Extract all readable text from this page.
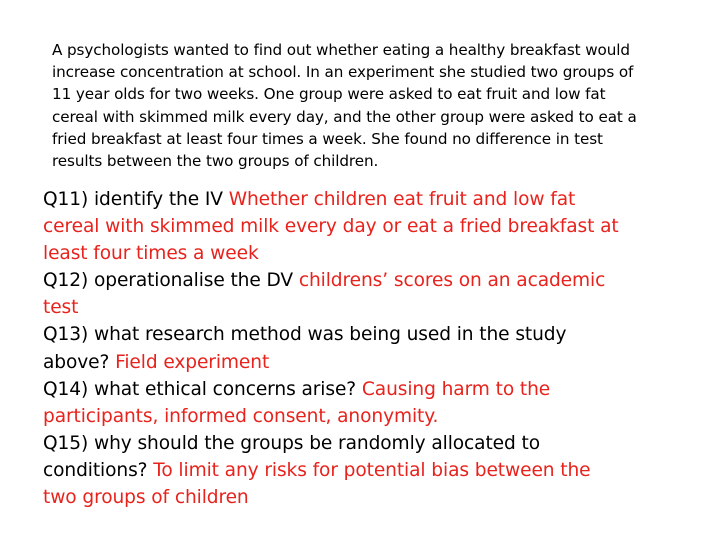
A psychologists wanted to find out whether eating a healthy breakfast would
increase concentration at school. In an experiment she studied two groups of
11 year olds for two weeks. One group were asked to eat fruit and low fat
cereal with skimmed milk every day, and the other group were asked to eat a
fried breakfast at least four times a week. She found no difference in test
results between the two groups of children.
Q11) identify the IV Whether children eat fruit and low fat
cereal with skimmed milk every day or eat a fried breakfast at
least four times a week
Q12) operationalise the DV childrens’ scores on an academic
test
Q13) what research method was being used in the study
above? Field experiment
Q14) what ethical concerns arise? Causing harm to the
participants, informed consent, anonymity.
Q15) why should the groups be randomly allocated to
conditions? To limit any risks for potential bias between the
two groups of children
